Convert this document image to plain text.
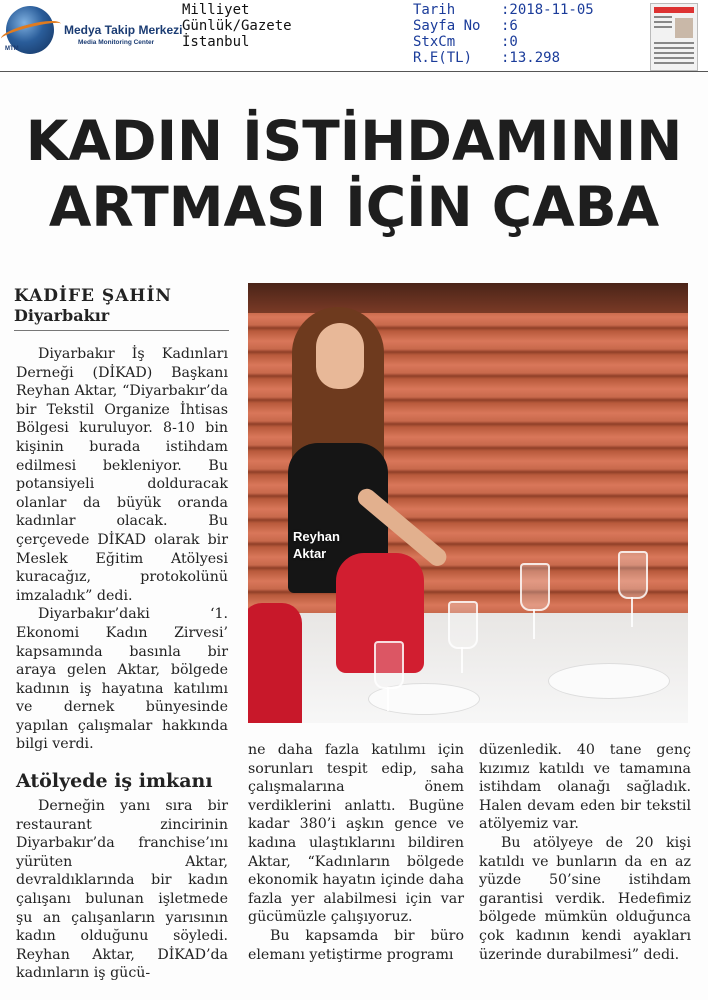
MTM
Medya Takip Merkezi
Media Monitoring Center
Milliyet
Günlük/Gazete
İstanbul
Tarih	:2018-11-05
Sayfa No	:6
StxCm	:0
R.E(TL)	:13.298
KADIN İSTİHDAMININ
ARTMASI İÇİN ÇABA
KADİFE ŞAHİN
Diyarbakır

Diyarbakır İş Kadınları Derneği (DİKAD) Başkanı Reyhan Aktar, “Diyarbakır’da bir Tekstil Organize İhtisas Bölgesi kuruluyor. 8-10 bin kişinin burada istihdam edilmesi bekleniyor. Bu potansiyeli dolduracak olanlar da büyük oranda kadınlar olacak. Bu çerçevede DİKAD olarak bir Meslek Eğitim Atölyesi kuracağız, protokolünü imzaladık” dedi.

Diyarbakır’daki ‘1. Ekonomi Kadın Zirvesi’ kapsamında basınla bir araya gelen Aktar, bölgede kadının iş hayatına katılımı ve dernek bünyesinde yapılan çalışmalar hakkında bilgi verdi.

Atölyede iş imkanı

Derneğin yanı sıra bir restaurant zincirinin Diyarbakır’da franchise’ını yürüten Aktar, devraldıklarında bir kadın çalışanı bulunan işletmede şu an çalışanların yarısının kadın olduğunu söyledi. Reyhan Aktar, DİKAD’da kadınların iş gücü-

Reyhan
Aktar

ne daha fazla katılımı için sorunları tespit edip, saha çalışmalarına önem verdiklerini anlattı. Bugüne kadar 380’i aşkın gence ve kadına ulaştıklarını bildiren Aktar, “Kadınların bölgede ekonomik hayatın içinde daha fazla yer alabilmesi için var gücümüzle çalışıyoruz.

Bu kapsamda bir büro elemanı yetiştirme programı

düzenledik. 40 tane genç kızımız katıldı ve tamamına istihdam olanağı sağladık. Halen devam eden bir tekstil atölyemiz var.

Bu atölyeye de 20 kişi katıldı ve bunların da en az yüzde 50’sine istihdam garantisi verdik. Hedefimiz bölgede mümkün olduğunca çok kadının kendi ayakları üzerinde durabilmesi” dedi.
